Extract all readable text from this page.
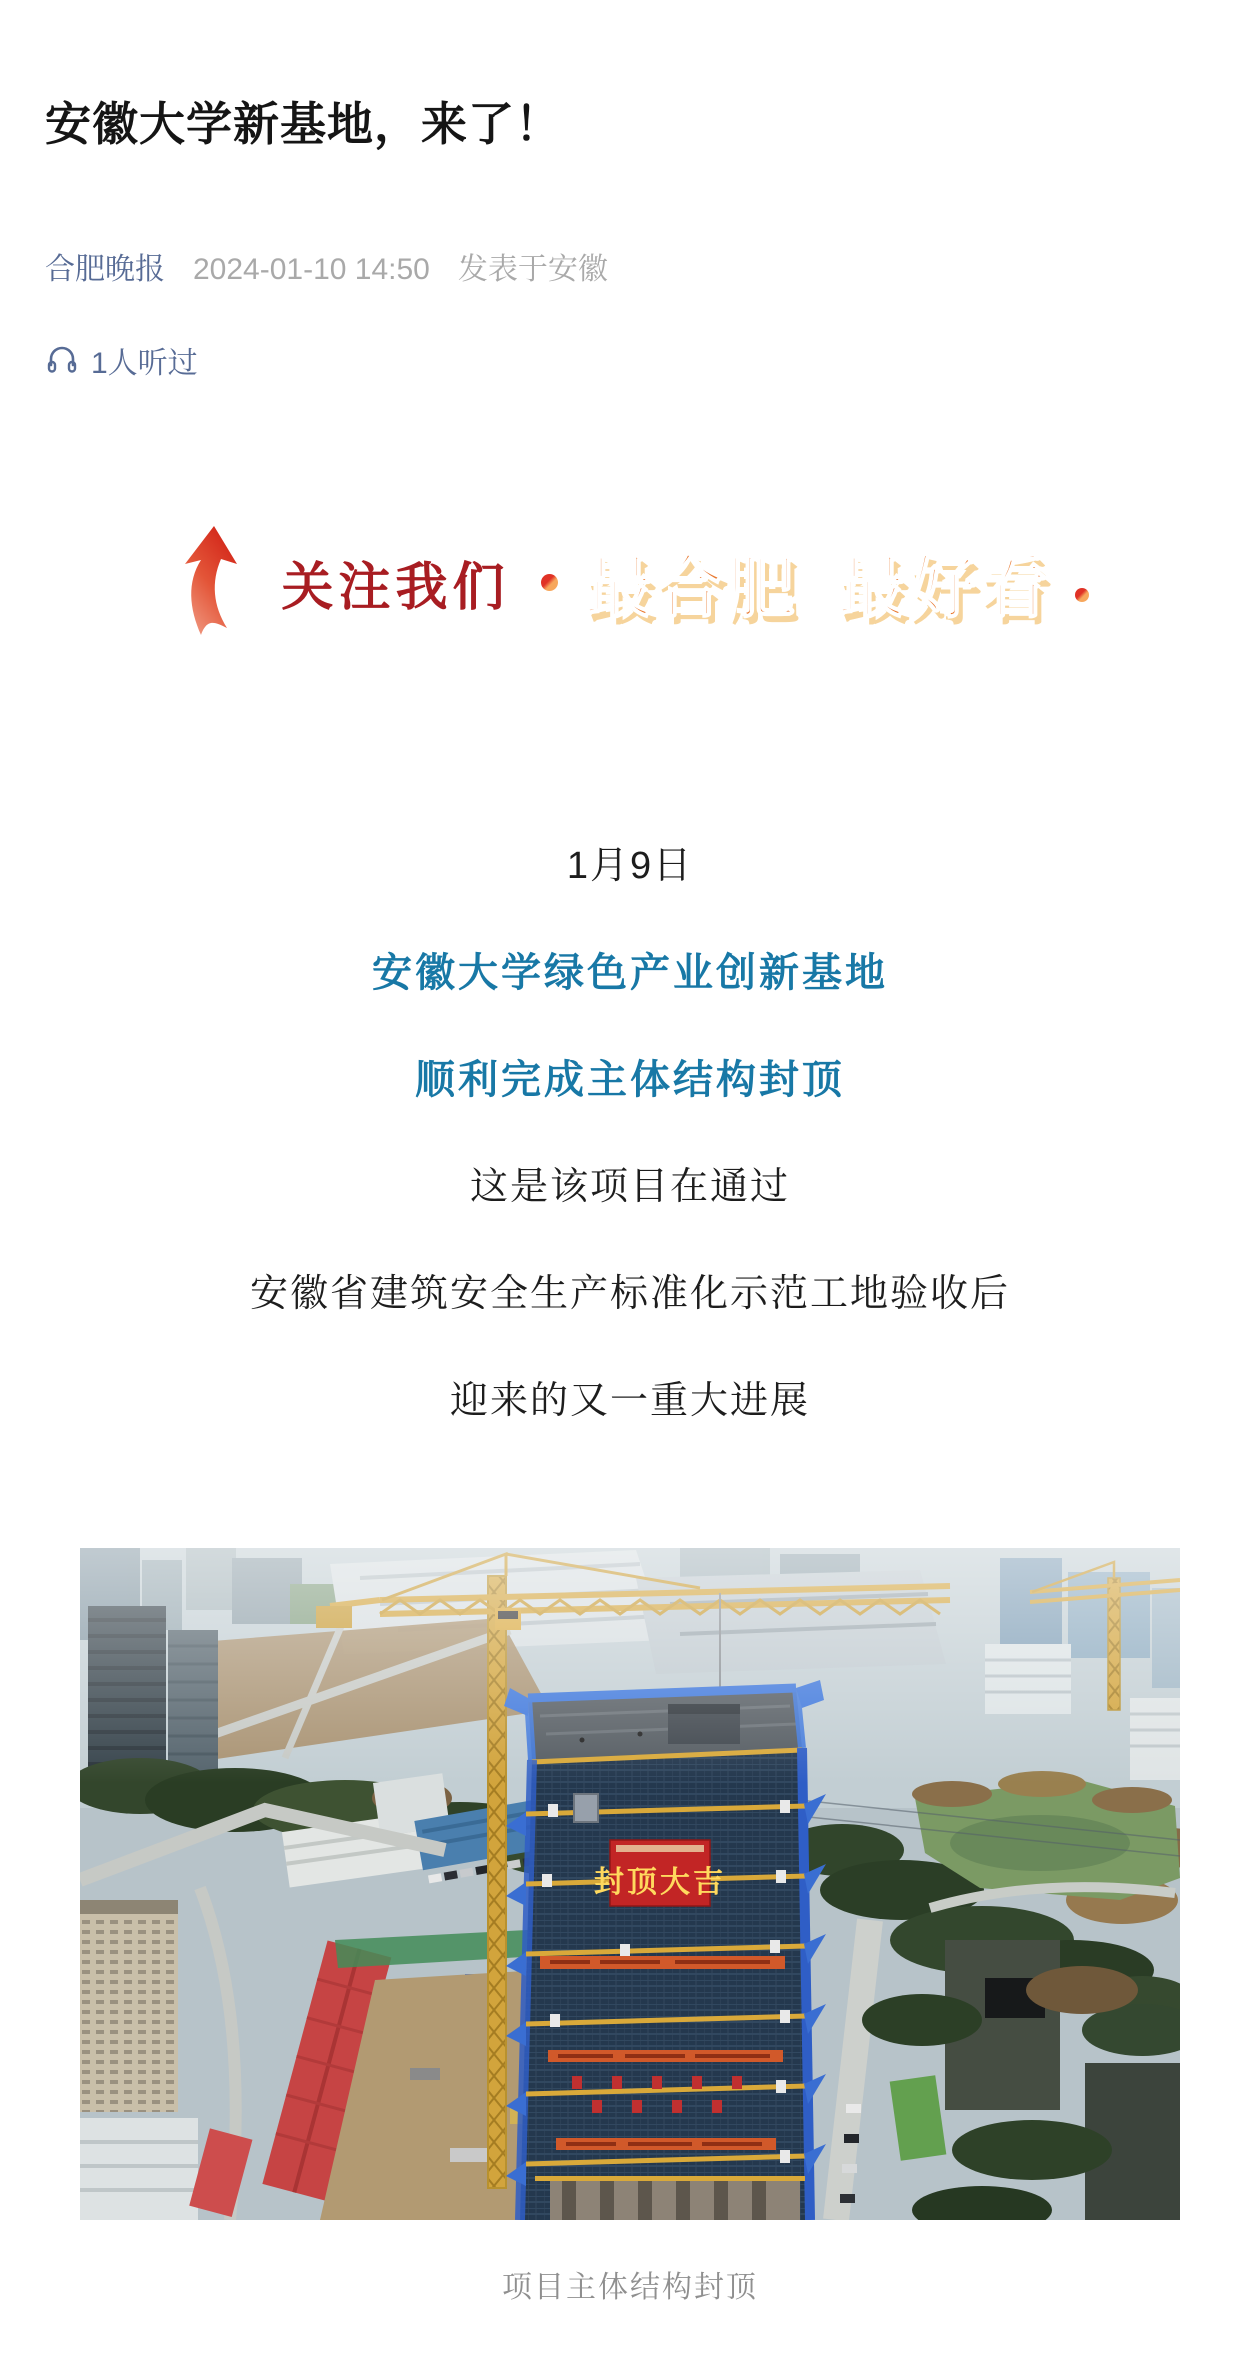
安徽大学新基地，来了！
合肥晚报 2024-01-10 14:50 发表于安徽
1人听过
关注我们 最合肥 最好看

1月9日

安徽大学绿色产业创新基地

顺利完成主体结构封顶

这是该项目在通过

安徽省建筑安全生产标准化示范工地验收后

迎来的又一重大进展

封顶大吉
项目主体结构封顶
